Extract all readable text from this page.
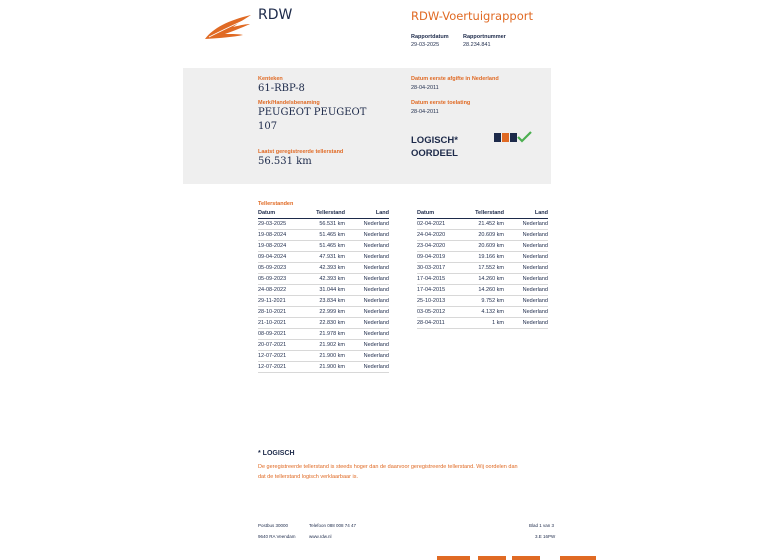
RDW	RDW-Voertuigrapport
Rapportdatum
29-03-2025
Rapportnummer
28.234.841
Kenteken
61-RBP-8
Merk/Handelsbenaming
PEUGEOT PEUGEOT
107
Laatst geregistreerde tellerstand
56.531 km
Datum eerste afgifte in Nederland
28-04-2011
Datum eerste toelating
28-04-2011
LOGISCH*
OORDEEL
Tellerstanden
Datum	Tellerstand	Land
29-03-2025	56.531 km	Nederland
19-08-2024	51.465 km	Nederland
19-08-2024	51.465 km	Nederland
09-04-2024	47.931 km	Nederland
05-09-2023	42.393 km	Nederland
05-09-2023	42.393 km	Nederland
24-08-2022	31.044 km	Nederland
29-11-2021	23.834 km	Nederland
28-10-2021	22.999 km	Nederland
21-10-2021	22.830 km	Nederland
08-09-2021	21.978 km	Nederland
20-07-2021	21.902 km	Nederland
12-07-2021	21.900 km	Nederland
12-07-2021	21.900 km	Nederland
Datum	Tellerstand	Land
02-04-2021	21.452 km	Nederland
24-04-2020	20.609 km	Nederland
23-04-2020	20.609 km	Nederland
09-04-2019	19.166 km	Nederland
30-03-2017	17.552 km	Nederland
17-04-2015	14.260 km	Nederland
17-04-2015	14.260 km	Nederland
25-10-2013	9.752 km	Nederland
03-05-2012	4.132 km	Nederland
28-04-2011	1 km	Nederland
* LOGISCH
De geregistreerde tellerstand is steeds hoger dan de daarvoor geregistreerde tellerstand. Wij oordelen dan
dat de tellerstand logisch verklaarbaar is.
Postbus 30000
9640 RA Veendam
Telefoon 088 008 74 47
www.rdw.nl
Blad 1 van 3
3.E 16PW
